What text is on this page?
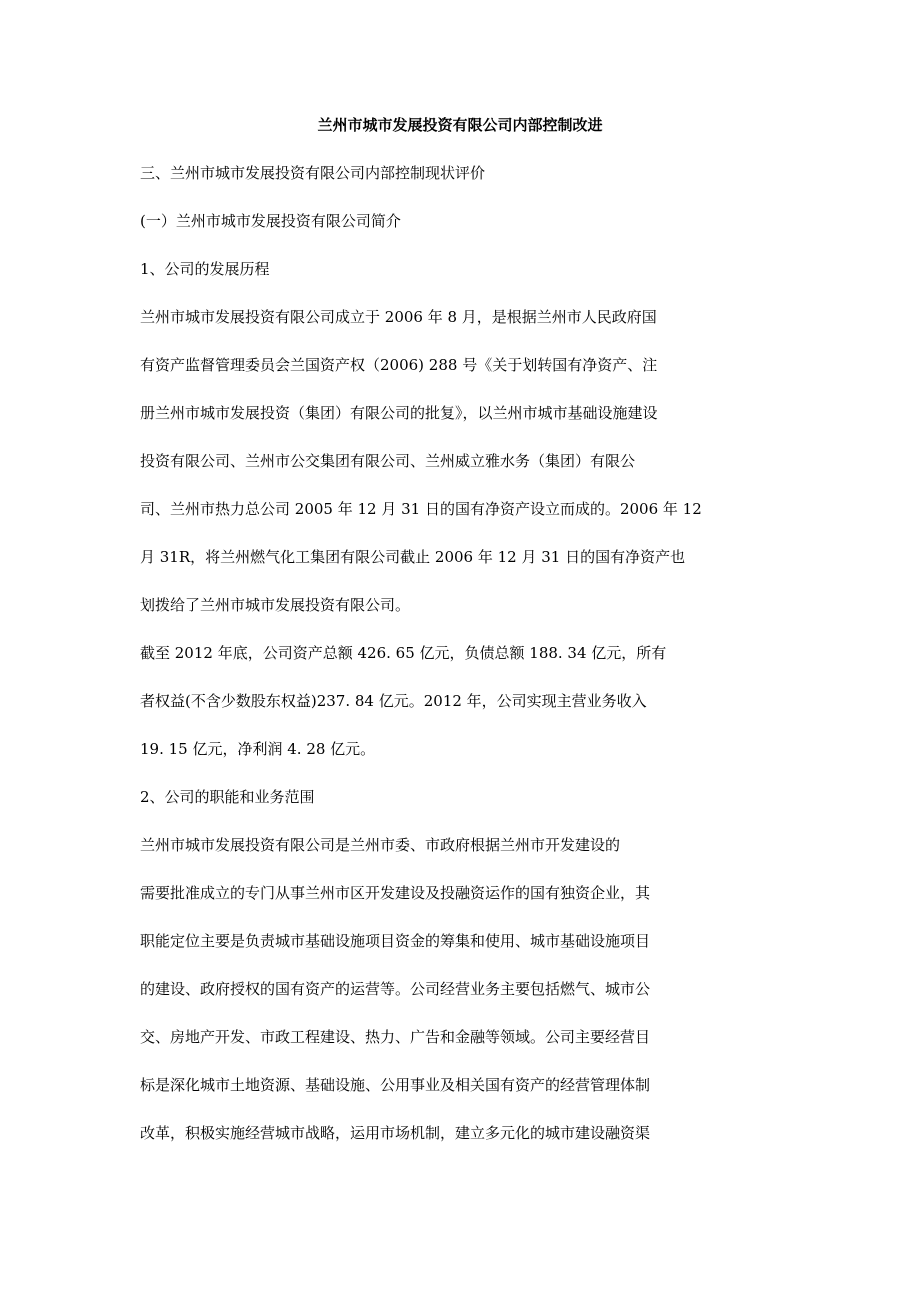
兰州市城市发展投资有限公司内部控制改进
三、兰州市城市发展投资有限公司内部控制现状评价
(一）兰州市城市发展投资有限公司简介
1、公司的发展历程
兰州市城市发展投资有限公司成立于 2006 年 8 月，是根据兰州市人民政府国
有资产监督管理委员会兰国资产权（2006) 288 号《关于划转国有净资产、注
册兰州市城市发展投资（集团）有限公司的批复》，以兰州市城市基础设施建设
投资有限公司、兰州市公交集团有限公司、兰州威立雅水务（集团）有限公
司、兰州市热力总公司 2005 年 12 月 31 日的国有净资产设立而成的。2006 年 12
月 31R，将兰州燃气化工集团有限公司截止 2006 年 12 月 31 日的国有净资产也
划拨给了兰州市城市发展投资有限公司。
截至 2012 年底，公司资产总额 426. 65 亿元，负债总额 188. 34 亿元，所有
者权益(不含少数股东权益)237. 84 亿元。2012 年，公司实现主营业务收入
19. 15 亿元，净利润 4. 28 亿元。
2、公司的职能和业务范围
兰州市城市发展投资有限公司是兰州市委、市政府根据兰州市开发建设的
需要批准成立的专门从事兰州市区开发建设及投融资运作的国有独资企业，其
职能定位主要是负责城市基础设施项目资金的筹集和使用、城市基础设施项目
的建设、政府授权的国有资产的运营等。公司经营业务主要包括燃气、城市公
交、房地产开发、市政工程建设、热力、广告和金融等领域。公司主要经营目
标是深化城市土地资源、基础设施、公用事业及相关国有资产的经营管理体制
改革，积极实施经营城市战略，运用市场机制，建立多元化的城市建设融资渠
